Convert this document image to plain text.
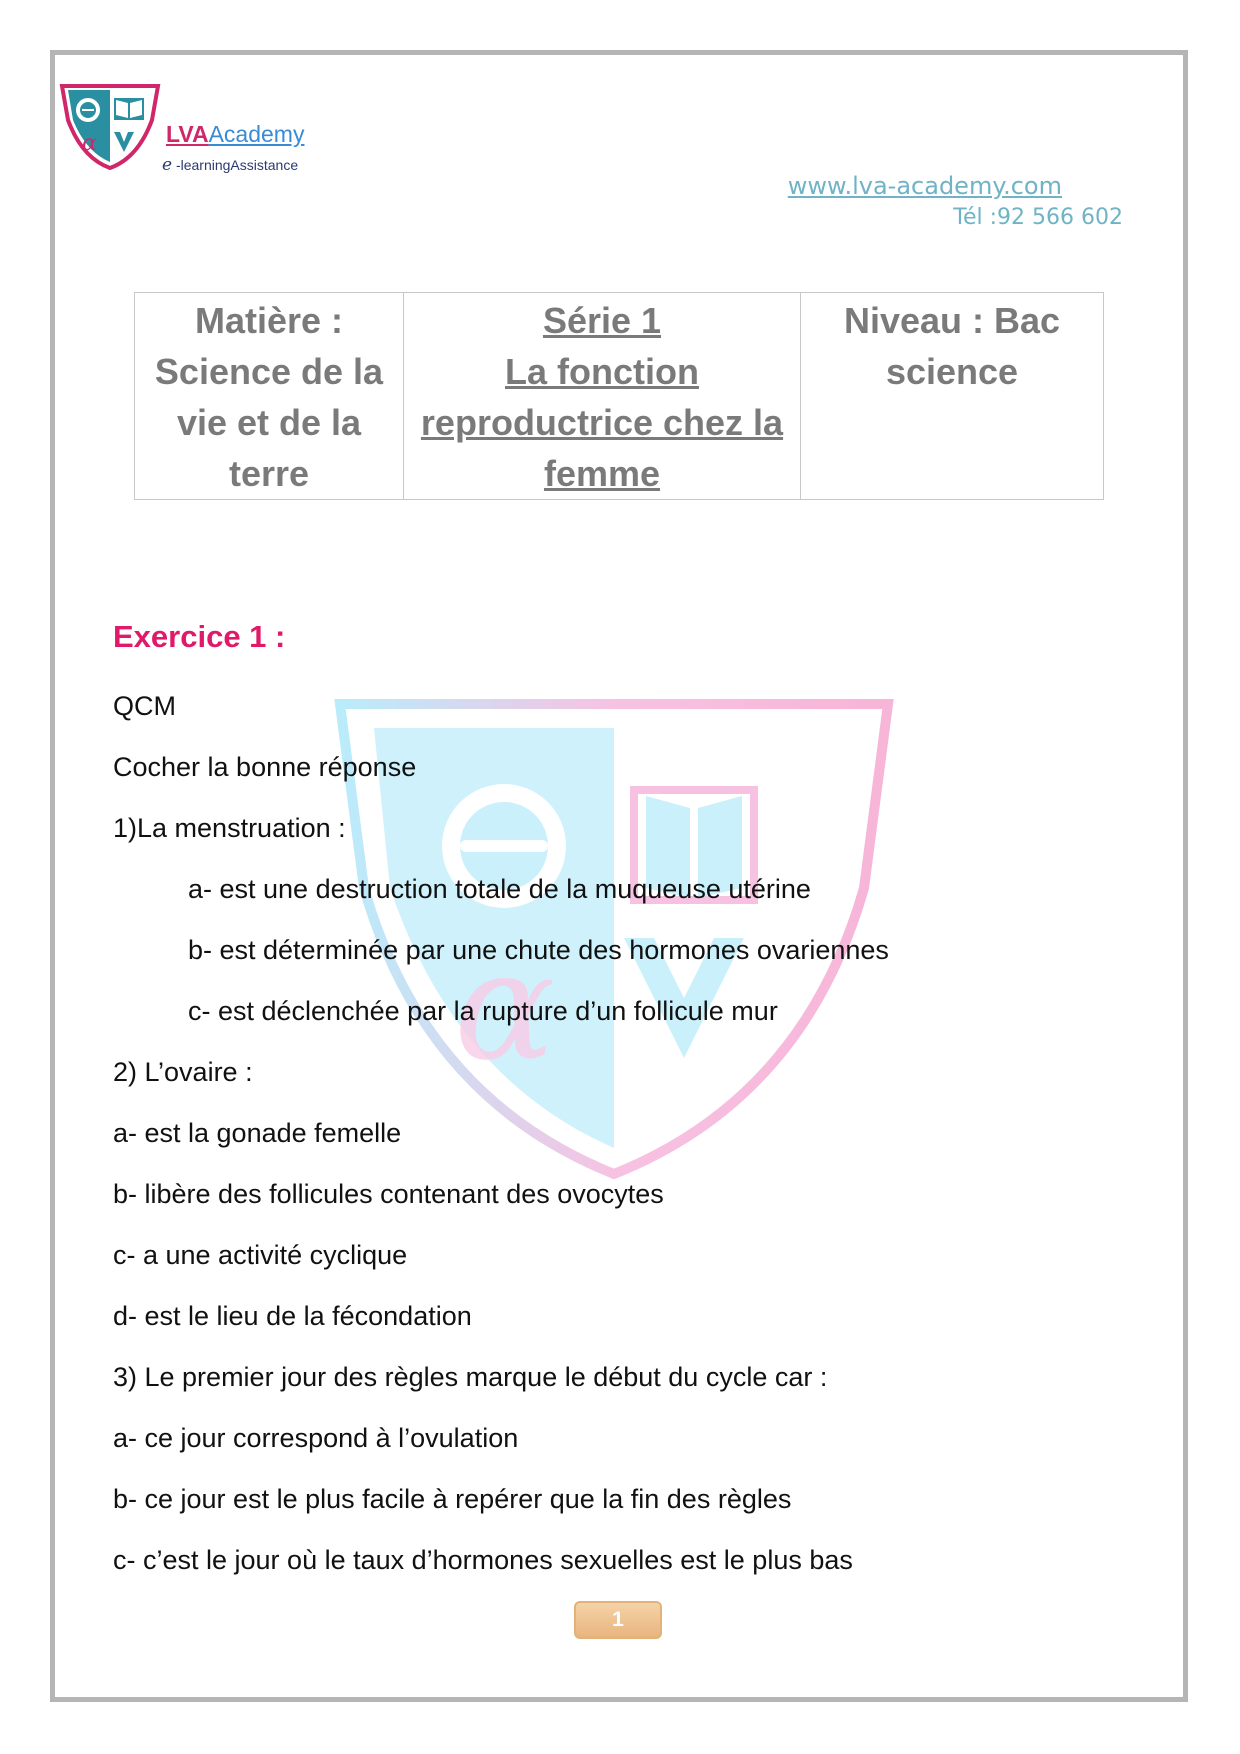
α	LVAAcademy
e -learningAssistance
www.lva-academy.com
Tél :92 566 602
Matière :
Science de la
vie et de la
terre

Série 1
La fonction
reproductrice chez la
femme

Niveau : Bac
science
α
Exercice 1 :
QCM
Cocher la bonne réponse
1)La menstruation :
a- est une destruction totale de la muqueuse utérine
b- est déterminée par une chute des hormones ovariennes
c- est déclenchée par la rupture d’un follicule mur
2) L’ovaire :
a- est la gonade femelle
b- libère des follicules contenant des ovocytes
c- a une activité cyclique
d- est le lieu de la fécondation
3) Le premier jour des règles marque le début du cycle car :
a- ce jour correspond à l’ovulation
b- ce jour est le plus facile à repérer que la fin des règles
c- c’est le jour où le taux d’hormones sexuelles est le plus bas
1
